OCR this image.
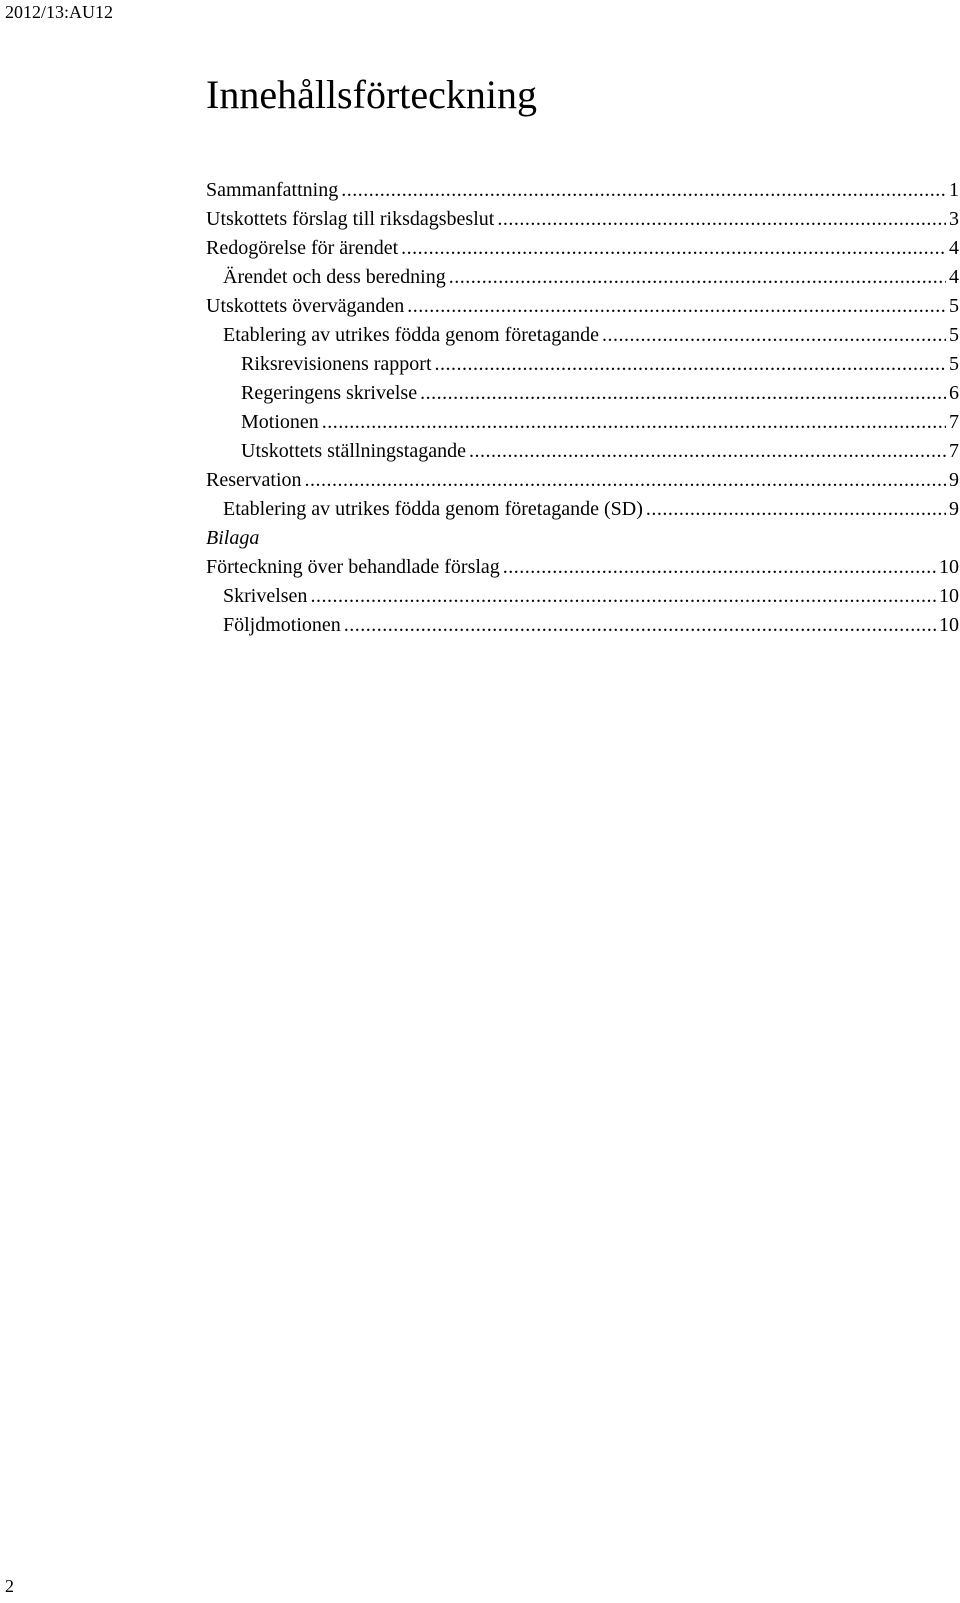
2012/13:AU12
Innehållsförteckning
Sammanfattning .....	1
Utskottets förslag till riksdagsbeslut .....	3
Redogörelse för ärendet .....	4
Ärendet och dess beredning .....	4
Utskottets överväganden .....	5
Etablering av utrikes födda genom företagande .....	5
Riksrevisionens rapport .....	5
Regeringens skrivelse .....	6
Motionen .....	7
Utskottets ställningstagande .....	7
Reservation .....	9
Etablering av utrikes födda genom företagande (SD) .....	9
Bilaga
Förteckning över behandlade förslag .....	10
Skrivelsen .....	10
Följdmotionen .....	10
2
